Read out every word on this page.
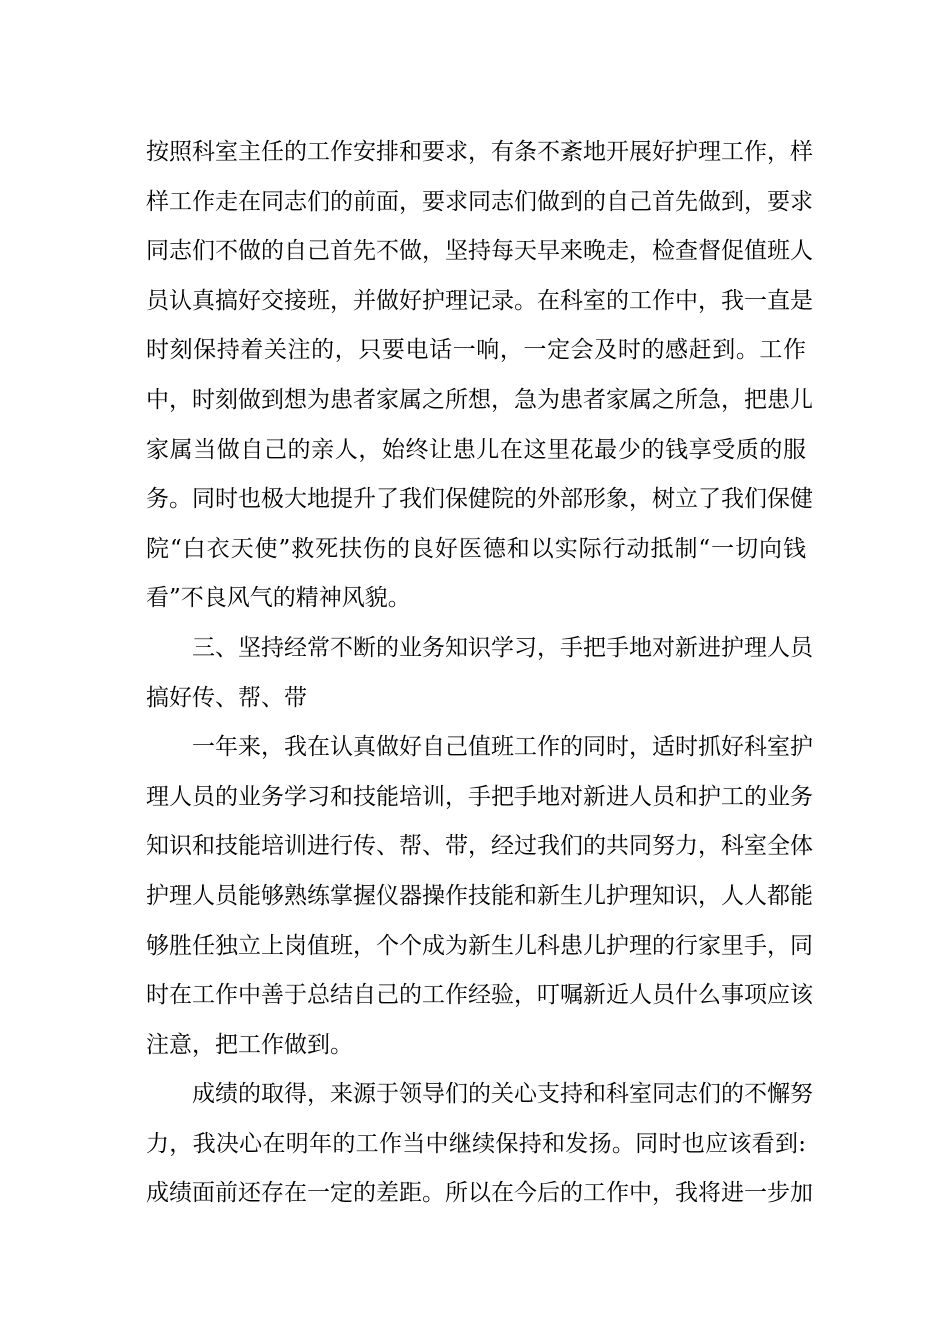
按照科室主任的工作安排和要求，有条不紊地开展好护理工作，样
样工作走在同志们的前面，要求同志们做到的自己首先做到，要求
同志们不做的自己首先不做，坚持每天早来晚走，检查督促值班人
员认真搞好交接班，并做好护理记录。在科室的工作中，我一直是
时刻保持着关注的，只要电话一响，一定会及时的感赶到。工作
中，时刻做到想为患者家属之所想，急为患者家属之所急，把患儿
家属当做自己的亲人，始终让患儿在这里花最少的钱享受质的服
务。同时也极大地提升了我们保健院的外部形象，树立了我们保健
院“白衣天使”救死扶伤的良好医德和以实际行动抵制“一切向钱
看”不良风气的精神风貌。
三、坚持经常不断的业务知识学习，手把手地对新进护理人员
搞好传、帮、带
一年来，我在认真做好自己值班工作的同时，适时抓好科室护
理人员的业务学习和技能培训，手把手地对新进人员和护工的业务
知识和技能培训进行传、帮、带，经过我们的共同努力，科室全体
护理人员能够熟练掌握仪器操作技能和新生儿护理知识，人人都能
够胜任独立上岗值班，个个成为新生儿科患儿护理的行家里手，同
时在工作中善于总结自己的工作经验，叮嘱新近人员什么事项应该
注意，把工作做到。
成绩的取得，来源于领导们的关心支持和科室同志们的不懈努
力，我决心在明年的工作当中继续保持和发扬。同时也应该看到:
成绩面前还存在一定的差距。所以在今后的工作中，我将进一步加
